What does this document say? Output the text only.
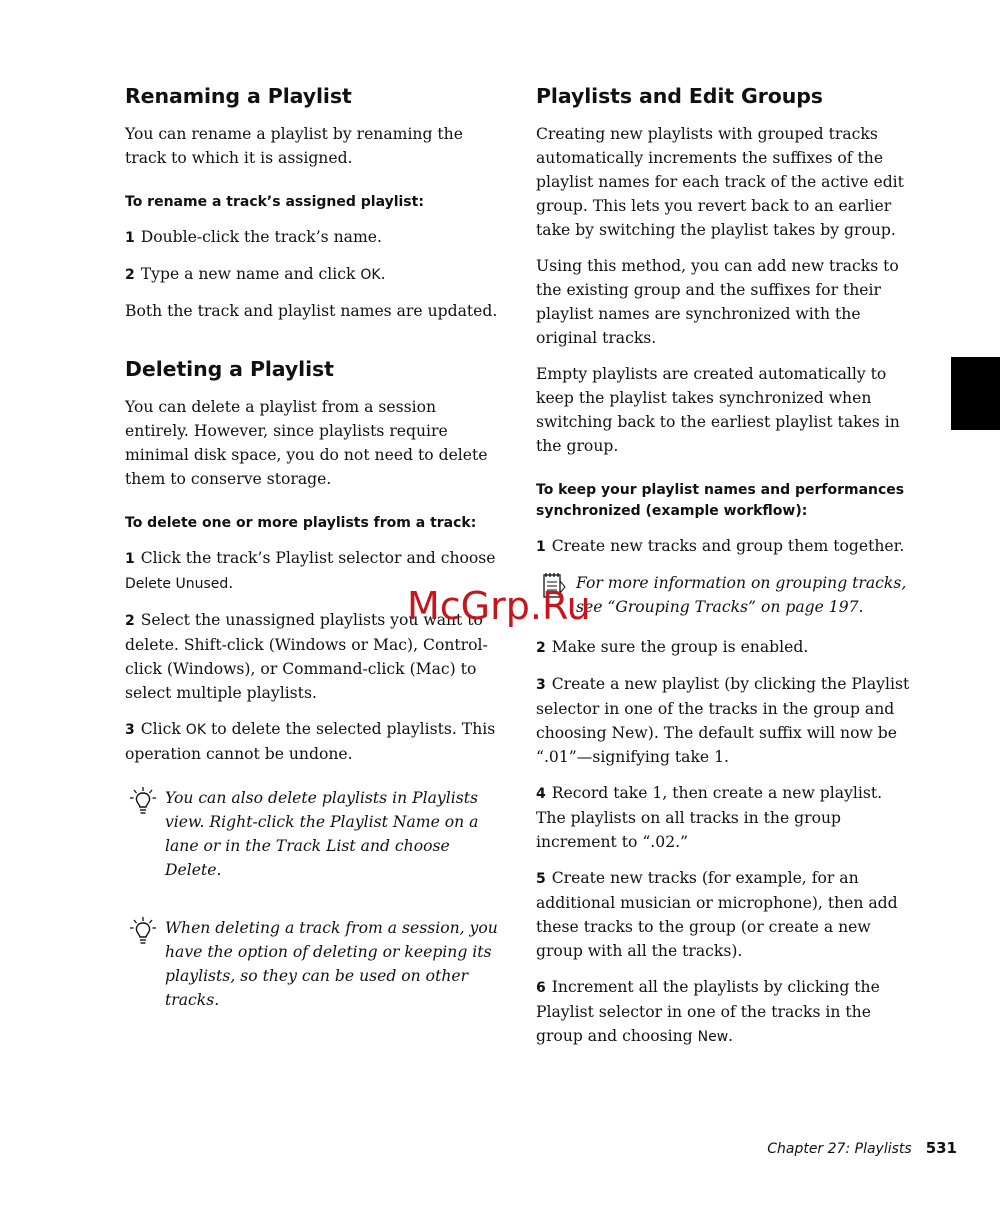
Renaming a Playlist

You can rename a playlist by renaming the track to which it is assigned.

To rename a track’s assigned playlist:

1 Double-click the track’s name.

2 Type a new name and click OK.

Both the track and playlist names are updated.

Deleting a Playlist

You can delete a playlist from a session entirely. However, since playlists require minimal disk space, you do not need to delete them to conserve storage.

To delete one or more playlists from a track:

1 Click the track’s Playlist selector and choose Delete Unused.

2 Select the unassigned playlists you want to delete. Shift-click (Windows or Mac), Control-click (Windows), or Command-click (Mac) to select multiple playlists.

3 Click OK to delete the selected playlists. This operation cannot be undone.

You can also delete playlists in Playlists view. Right-click the Playlist Name on a lane or in the Track List and choose Delete.
When deleting a track from a session, you have the option of deleting or keeping its playlists, so they can be used on other tracks.
Playlists and Edit Groups

Creating new playlists with grouped tracks automatically increments the suffixes of the playlist names for each track of the active edit group. This lets you revert back to an earlier take by switching the playlist takes by group.

Using this method, you can add new tracks to the existing group and the suffixes for their playlist names are synchronized with the original tracks.

Empty playlists are created automatically to keep the playlist takes synchronized when switching back to the earliest playlist takes in the group.

To keep your playlist names and performances synchronized (example workflow):

1 Create new tracks and group them together.

For more information on grouping tracks, see “Grouping Tracks” on page 197.

2 Make sure the group is enabled.

3 Create a new playlist (by clicking the Playlist selector in one of the tracks in the group and choosing New). The default suffix will now be “.01”—signifying take 1.

4 Record take 1, then create a new playlist. The playlists on all tracks in the group increment to “.02.”

5 Create new tracks (for example, for an additional musician or microphone), then add these tracks to the group (or create a new group with all the tracks).

6 Increment all the playlists by clicking the Playlist selector in one of the tracks in the group and choosing New.

McGrp.Ru
Chapter 27: Playlists 531
